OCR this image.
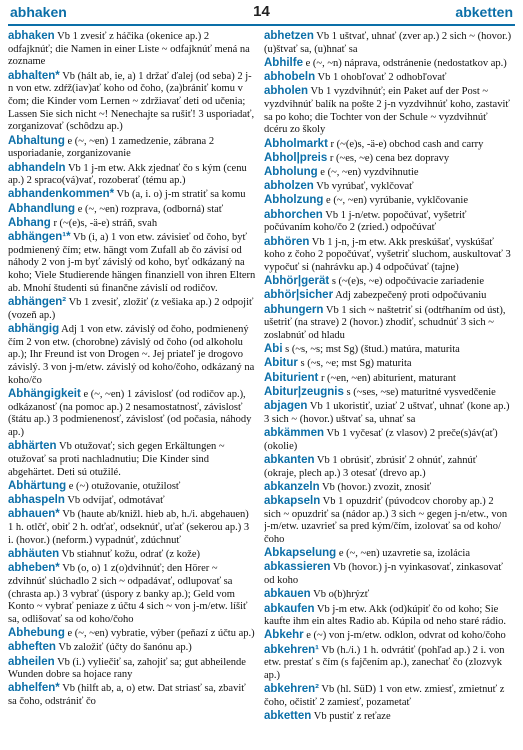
abhaken	14	abketten
abhaken Vb 1 zvesiť z háčika (okenice ap.) 2 odfajknúť; die Namen in einer Liste ~ odfajknúť mená na zozname
abhalten* Vb (hált ab, ie, a) 1 držať ďalej (od seba) 2 j-n von etw. zdŕž(iav)ať koho od čoho, (za)brániť komu v čom; die Kinder vom Lernen ~ zdržiavať deti od učenia; Lassen Sie sich nicht ~! Nenechajte sa rušiť! 3 usporiadať, zorganizovať (schôdzu ap.)
Abhaltung e (~, ~en) 1 zamedzenie, zábrana 2 usporiadanie, zorganizovanie
abhandeln Vb 1 j-m etw. Akk zjednať čo s kým (cenu ap.) 2 spraco(vá)vať, rozoberať (tému ap.)
abhandenkommen* Vb (a, i. o) j-m stratiť sa komu
Abhandlung e (~, ~en) rozprava, (odborná) stať
Abhang r (~(e)s, -ä-e) stráň, svah
abhängen¹* Vb (i, a) 1 von etw. závisieť od čoho, byť podmienený čím; etw. hängt vom Zufall ab čo závisí od náhody 2 von j-m byť závislý od koho, byť odkázaný na koho; Viele Studierende hängen finanziell von ihren Eltern ab. Mnohí študenti sú finančne závislí od rodičov.
abhängen² Vb 1 zvesiť, zložiť (z vešiaka ap.) 2 odpojiť (vozeň ap.)
abhängig Adj 1 von etw. závislý od čoho, podmienený čím 2 von etw. (chorobne) závislý od čoho (od alkoholu ap.); Ihr Freund ist von Drogen ~. Jej priateľ je drogovo závislý. 3 von j-m/etw. závislý od koho/čoho, odkázaný na koho/čo
Abhängigkeit e (~, ~en) 1 závislosť (od rodičov ap.), odkázanosť (na pomoc ap.) 2 nesamostatnosť, závislosť (štátu ap.) 3 podmienenosť, závislosť (od počasia, náhody ap.)
abhärten Vb otužovať; sich gegen Erkältungen ~ otužovať sa proti nachladnutiu; Die Kinder sind abgehärtet. Deti sú otužilé.
Abhärtung e (~) otužovanie, otužilosť
abhaspeln Vb odvíjať, odmotávať
abhauen* Vb (haute ab/knižl. hieb ab, h./i. abgehauen) 1 h. otlčť, obiť 2 h. odťať, odseknúť, uťať (sekerou ap.) 3 i. (hovor.) (neform.) vypadnúť, zdúchnuť
abhäuten Vb stiahnuť kožu, odrať (z kože)
abheben* Vb (o, o) 1 z(o)dvihnúť; den Hörer ~ zdvihnúť slúchadlo 2 sich ~ odpadávať, odlupovať sa (chrasta ap.) 3 vybrať (úspory z banky ap.); Geld vom Konto ~ vybrať peniaze z účtu 4 sich ~ von j-m/etw. líšiť sa, odlišovať sa od koho/čoho
Abhebung e (~, ~en) vybratie, výber (peňazí z účtu ap.)
abheften Vb založiť (účty do šanónu ap.)
abheilen Vb (i.) vyliečiť sa, zahojiť sa; gut abheilende Wunden dobre sa hojace rany
abhelfen* Vb (hilft ab, a, o) etw. Dat striasť sa, zbaviť sa čoho, odstrániť čo
abhetzen Vb 1 uštvať, uhnať (zver ap.) 2 sich ~ (hovor.) (u)štvať sa, (u)hnať sa
Abhilfe e (~, ~n) náprava, odstránenie (nedostatkov ap.)
abhobeln Vb 1 ohobľovať 2 odhobľovať
abholen Vb 1 vyzdvihnúť; ein Paket auf der Post ~ vyzdvihnúť balík na pošte 2 j-n vyzdvihnúť koho, zastaviť sa po koho; die Tochter von der Schule ~ vyzdvihnúť dcéru zo školy
Abholmarkt r (~(e)s, -ä-e) obchod cash and carry
Abhol|preis r (~es, ~e) cena bez dopravy
Abholung e (~, ~en) vyzdvihnutie
abholzen Vb vyrúbať, vyklčovať
Abholzung e (~, ~en) vyrúbanie, vyklčovanie
abhorchen Vb 1 j-n/etw. popočúvať, vyšetriť počúvaním koho/čo 2 (zried.) odpočúvať
abhören Vb 1 j-n, j-m etw. Akk preskúšať, vyskúšať koho z čoho 2 popočúvať, vyšetriť sluchom, auskultovať 3 vypočuť si (nahrávku ap.) 4 odpočúvať (tajne)
Abhör|gerät s (~(e)s, ~e) odpočúvacie zariadenie
abhör|sicher Adj zabezpečený proti odpočúvaniu
abhungern Vb 1 sich ~ naštetriť si (odtŕhaním od úst), ušetriť (na strave) 2 (hovor.) zhodiť, schudnúť 3 sich ~ zoslabnúť od hladu
Abi s (~s, ~s; mst Sg) (štud.) matúra, maturita
Abitur s (~s, ~e; mst Sg) maturita
Abiturient r (~en, ~en) abiturient, maturant
Abitur|zeugnis s (~ses, ~se) maturitné vysvedčenie
abjagen Vb 1 ukoristiť, uziať 2 uštvať, uhnať (kone ap.) 3 sich ~ (hovor.) uštvať sa, uhnať sa
abkämmen Vb 1 vyčesať (z vlasov) 2 preče(s)áv(ať) (okolie)
abkanten Vb 1 obrúsiť, zbrúsiť 2 ohnúť, zahnúť (okraje, plech ap.) 3 otesať (drevo ap.)
abkanzeln Vb (hovor.) zvozit, znosiť
abkapseln Vb 1 opuzdriť (púvodcov choroby ap.) 2 sich ~ opuzdriť sa (nádor ap.) 3 sich ~ gegen j-n/etw., von j-m/etw. uzavrieť sa pred kým/čím, izolovať sa od koho/čoho
Abkapselung e (~, ~en) uzavretie sa, izolácia
abkassieren Vb (hovor.) j-n vyinkasovať, zinkasovať od koho
abkauen Vb o(b)hrýzť
abkaufen Vb j-m etw. Akk (od)kúpiť čo od koho; Sie kaufte ihm ein altes Radio ab. Kúpila od neho staré rádio.
Abkehr e (~) von j-m/etw. odklon, odvrat od koho/čoho
abkehren¹ Vb (h./i.) 1 h. odvrátiť (pohľad ap.) 2 i. von etw. prestať s čím (s fajčením ap.), zanechať čo (zlozvyk ap.)
abkehren² Vb (hl. SüD) 1 von etw. zmiesť, zmietnuť z čoho, očistiť 2 zamiesť, pozametať
abketten Vb pustiť z reťaze
